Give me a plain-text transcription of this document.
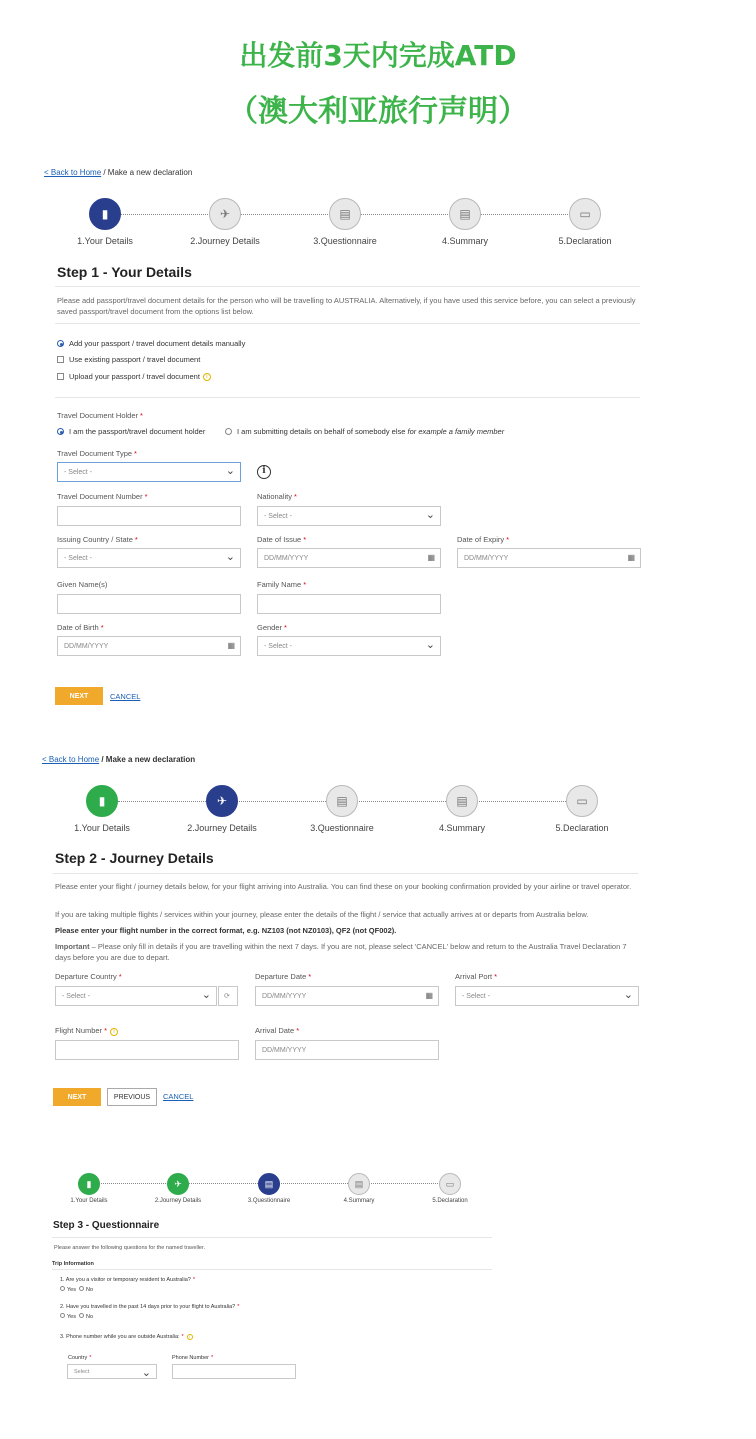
出发前3天内完成ATD
（澳大利亚旅行声明）
< Back to Home / Make a new declaration
▮
1.Your Details
✈
2.Journey Details
▤
3.Questionnaire
▤
4.Summary
▭
5.Declaration
Step 1 - Your Details
Please add passport/travel document details for the person who will be travelling to AUSTRALIA. Alternatively, if you have used this service before, you can select a previously saved passport/travel document from the options list below.
Add your passport / travel document details manually
Use existing passport / travel document
Upload your passport / travel document	i
Travel Document Holder *
I am the passport/travel document holder	I am submitting details on behalf of somebody else
for example a family member
Travel Document Type *
- Select -
⌄	i
Travel Document Number *	Nationality *
- Select -
⌄
Issuing Country / State *
- Select -
⌄
Date of Issue *
DD/MM/YYYY	▦
Date of Expiry *
DD/MM/YYYY	▦
Given Name(s)	Family Name *
Date of Birth *
DD/MM/YYYY	▦
Gender *
- Select -
⌄
NEXT	CANCEL
< Back to Home / Make a new declaration
▮
1.Your Details
✈
2.Journey Details
▤
3.Questionnaire
▤
4.Summary
▭
5.Declaration
Step 2 - Journey Details
Please enter your flight / journey details below, for your flight arriving into Australia. You can find these on your booking confirmation provided by your airline or travel operator.
If you are taking multiple flights / services within your journey, please enter the details of the flight / service that actually arrives at or departs from Australia below.
Please enter your flight number in the correct format, e.g. NZ103 (not NZ0103), QF2 (not QF002).
Important – Please only fill in details if you are travelling within the next 7 days. If you are not, please select 'CANCEL' below and return to the Australia Travel Declaration 7 days before you are due to depart.
Departure Country *
- Select -
⌄	⟳
Departure Date *
DD/MM/YYYY	▦
Arrival Port *
- Select -
⌄
Flight Number * i	Arrival Date *
DD/MM/YYYY
NEXT	PREVIOUS	CANCEL
▮
1.Your Details
✈
2.Journey Details
▤
3.Questionnaire
▤
4.Summary
▭
5.Declaration
Step 3 - Questionnaire
Please answer the following questions for the named traveller.
Trip Information
1. Are you a visitor or temporary resident to Australia? *
Yes No
2. Have you travelled in the past 14 days prior to your flight to Australia? *
Yes No
3. Phone number while you are outside Australia: * i
Country *
Select
⌄
Phone Number *
